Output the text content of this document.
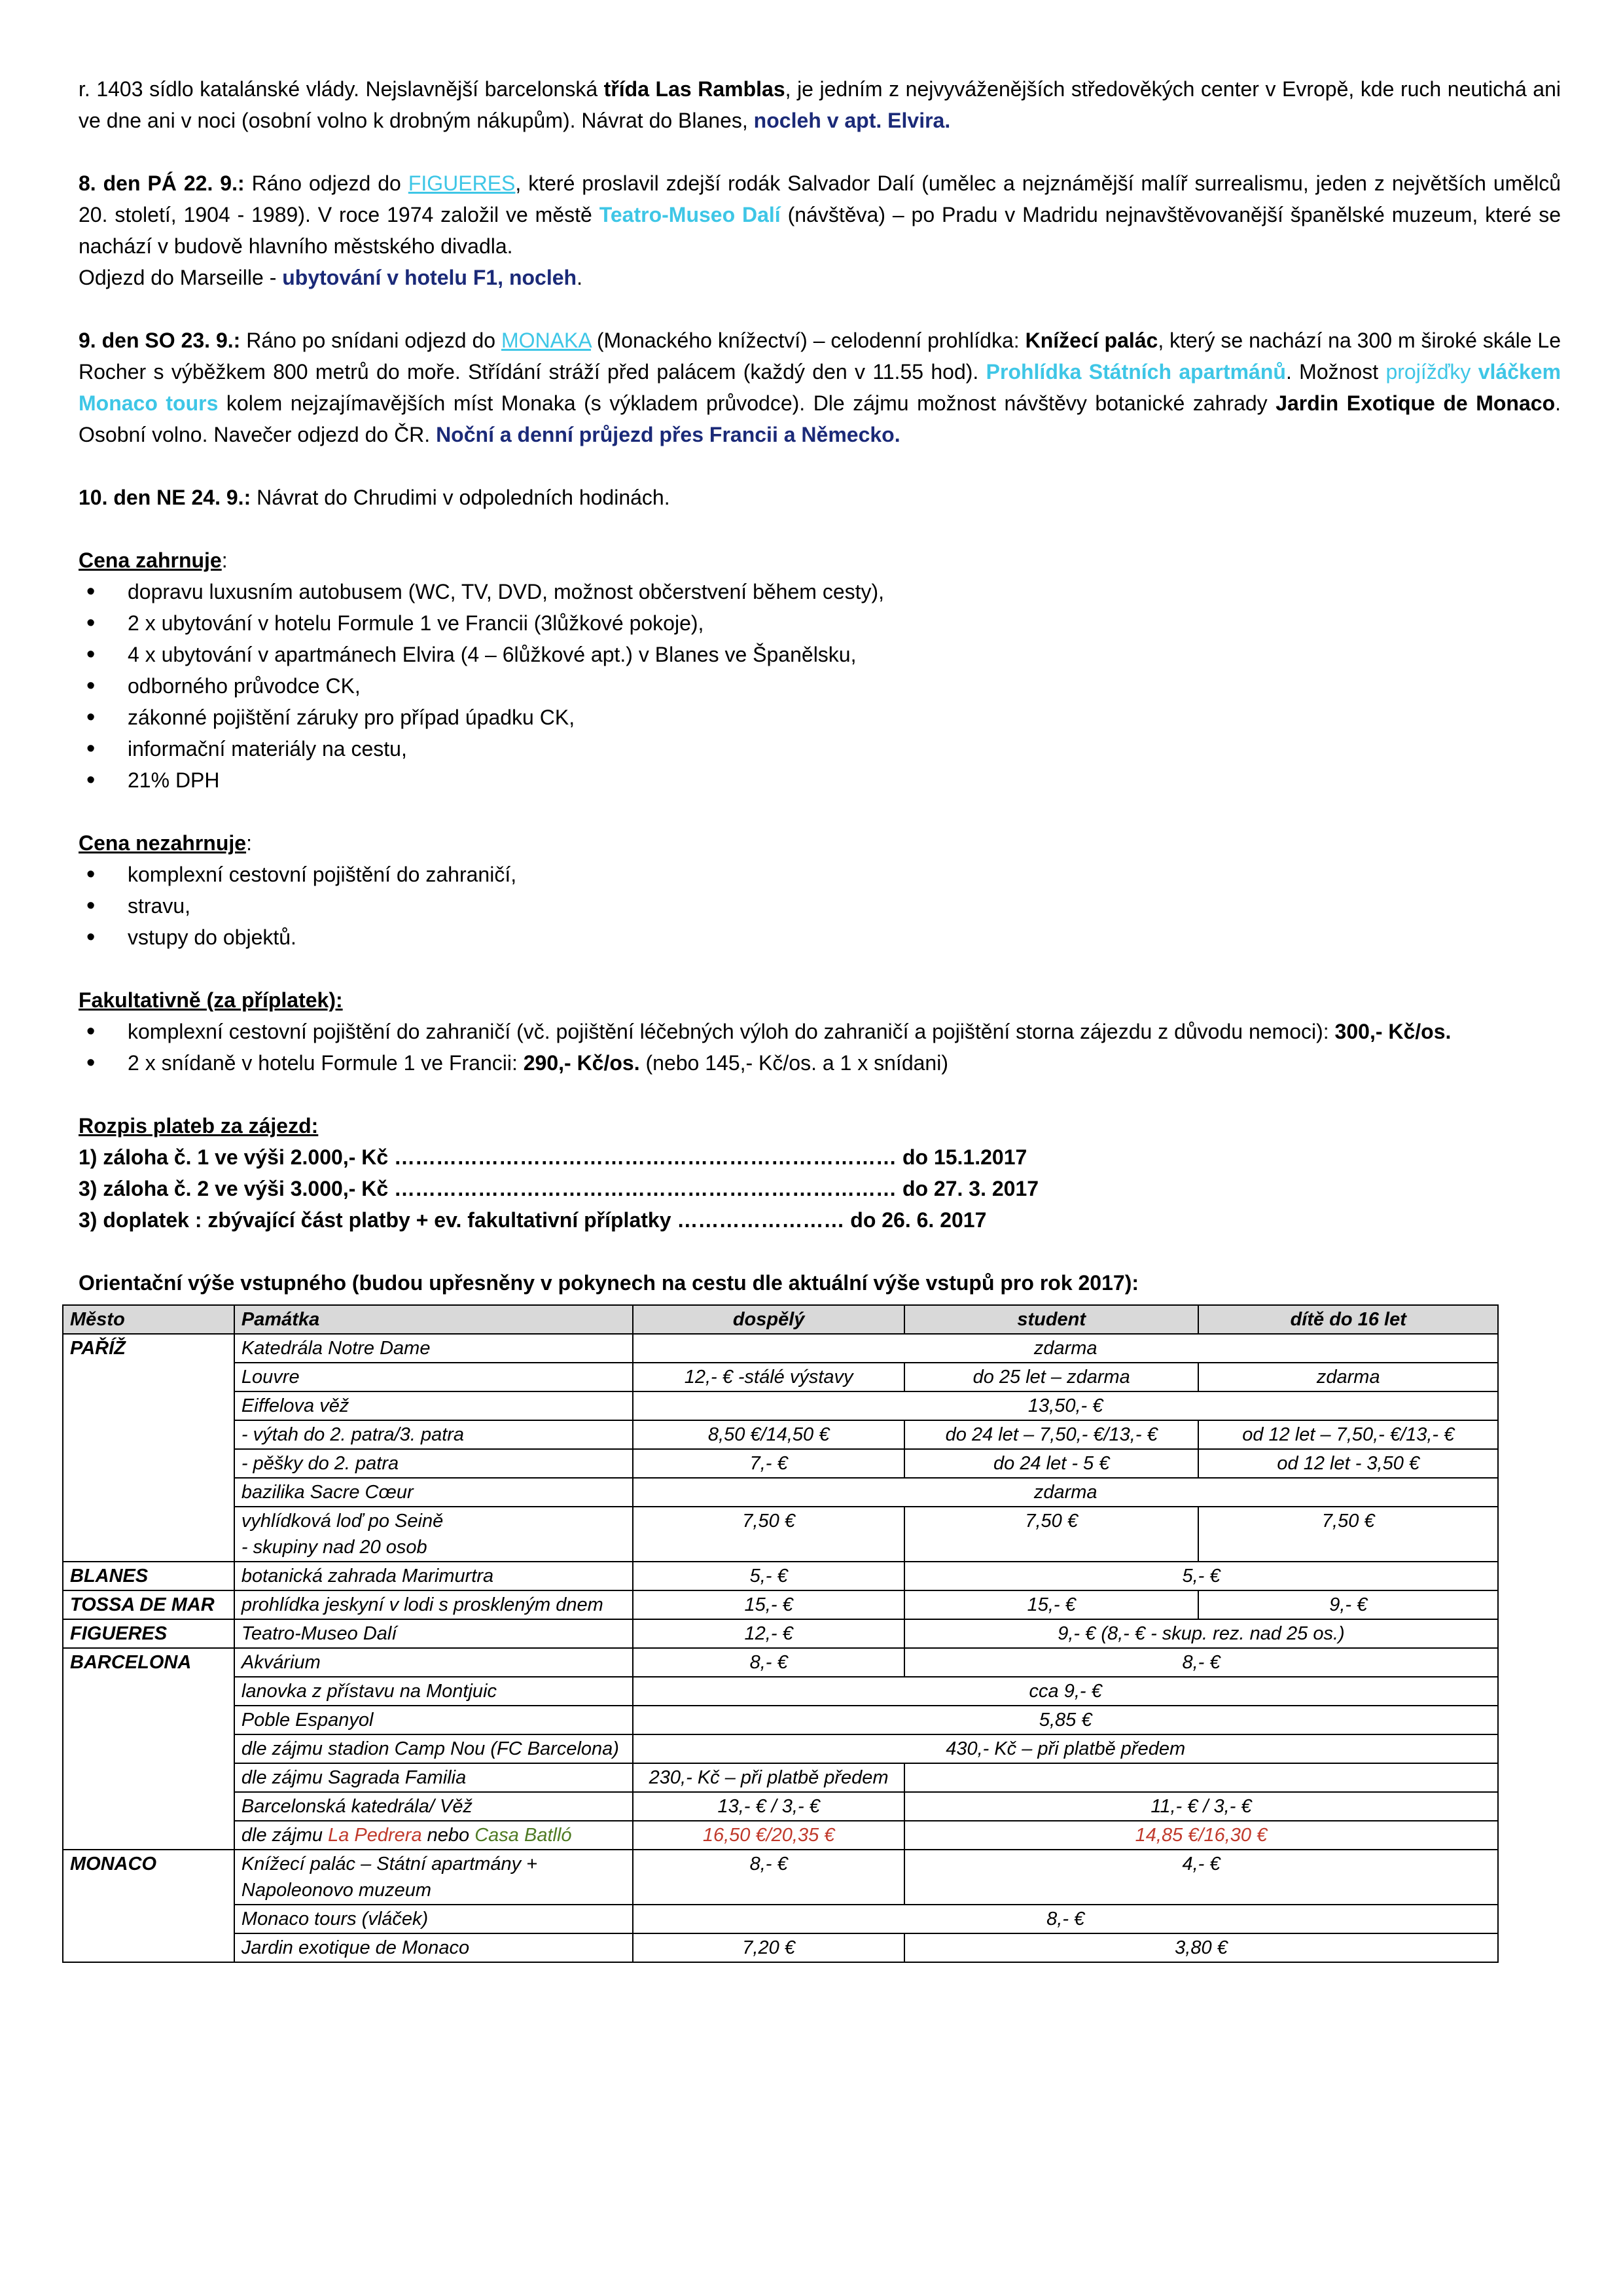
r. 1403 sídlo katalánské vlády. Nejslavnější barcelonská třída Las Ramblas, je jedním z nejvyváženějších středověkých center v Evropě, kde ruch neutichá ani ve dne ani v noci (osobní volno k drobným nákupům). Návrat do Blanes, nocleh v apt. Elvira.

8. den PÁ 22. 9.: Ráno odjezd do FIGUERES, které proslavil zdejší rodák Salvador Dalí (umělec a nejznámější malíř surrealismu, jeden z největších umělců 20. století, 1904 - 1989). V roce 1974 založil ve městě Teatro-Museo Dalí (návštěva) – po Pradu v Madridu nejnavštěvovanější španělské muzeum, které se nachází v budově hlavního městského divadla.

Odjezd do Marseille - ubytování v hotelu F1, nocleh.

9. den SO 23. 9.: Ráno po snídani odjezd do MONAKA (Monackého knížectví) – celodenní prohlídka: Knížecí palác, který se nachází na 300 m široké skále Le Rocher s výběžkem 800 metrů do moře. Střídání stráží před palácem (každý den v 11.55 hod). Prohlídka Státních apartmánů. Možnost projížďky vláčkem Monaco tours kolem nejzajímavějších míst Monaka (s výkladem průvodce). Dle zájmu možnost návštěvy botanické zahrady Jardin Exotique de Monaco. Osobní volno. Navečer odjezd do ČR. Noční a denní průjezd přes Francii a Německo.

10. den NE 24. 9.: Návrat do Chrudimi v odpoledních hodinách.

Cena zahrnuje:

• dopravu luxusním autobusem (WC, TV, DVD, možnost občerstvení během cesty),
• 2 x ubytování v hotelu Formule 1 ve Francii (3lůžkové pokoje),
• 4 x ubytování v apartmánech Elvira (4 – 6lůžkové apt.) v Blanes ve Španělsku,
• odborného průvodce CK,
• zákonné pojištění záruky pro případ úpadku CK,
• informační materiály na cestu,
• 21% DPH

Cena nezahrnuje:

• komplexní cestovní pojištění do zahraničí,
• stravu,
• vstupy do objektů.

Fakultativně (za příplatek):

• komplexní cestovní pojištění do zahraničí (vč. pojištění léčebných výloh do zahraničí a pojištění storna zájezdu z důvodu nemoci): 300,- Kč/os.
• 2 x snídaně v hotelu Formule 1 ve Francii: 290,- Kč/os. (nebo 145,- Kč/os. a 1 x snídani)

Rozpis plateb za zájezd:

1) záloha č. 1 ve výši 2.000,- Kč ……………………………………………………………… do 15.1.2017

3) záloha č. 2 ve výši 3.000,- Kč ……………………………………………………………… do 27. 3. 2017

3) doplatek : zbývající část platby + ev. fakultativní příplatky …………………… do 26. 6. 2017

Orientační výše vstupného (budou upřesněny v pokynech na cestu dle aktuální výše vstupů pro rok 2017):

Město	Památka	dospělý	student	dítě do 16 let
PAŘÍŽ	Katedrála Notre Dame	zdarma		
	Louvre	12,- € -stálé výstavy	do 25 let – zdarma	zdarma
	Eiffelova věž	13,50,- €		
	- výtah do 2. patra/3. patra	8,50 €/14,50 €	do 24 let – 7,50,- €/13,- €	od 12 let – 7,50,- €/13,- €
	- pěšky do 2. patra	7,- €	do 24 let - 5 €	od 12 let - 3,50 €
	bazilika Sacre Cœur	zdarma		

	vyhlídková loď po Seině
- skupiny nad 20 osob	7,50 €	7,50 €	7,50 €
BLANES	botanická zahrada Marimurtra	5,- €	5,- €	
TOSSA DE MAR	prohlídka jeskyní v lodi s proskleným dnem	15,- €	15,- €	9,- €
FIGUERES	Teatro-Museo Dalí	12,- €	9,- € (8,- € - skup. rez. nad 25 os.)	
BARCELONA	Akvárium	8,- €	8,- €	
	lanovka z přístavu na Montjuic	cca 9,- €		
	Poble Espanyol	5,85 €		
	dle zájmu stadion Camp Nou (FC Barcelona)	430,- Kč – při platbě předem		
	dle zájmu Sagrada Familia	230,- Kč – při platbě předem		
	Barcelonská katedrála/ Věž	13,- € / 3,- €	11,- € / 3,- €	
	dle zájmu La Pedrera nebo Casa Batlló	16,50 €/20,35 €	14,85 €/16,30 €	
MONACO	Knížecí palác – Státní apartmány + Napoleonovo muzeum	8,- €	4,- €	
	Monaco tours (vláček)	8,- €		
	Jardin exotique de Monaco	7,20 €	3,80 €	
